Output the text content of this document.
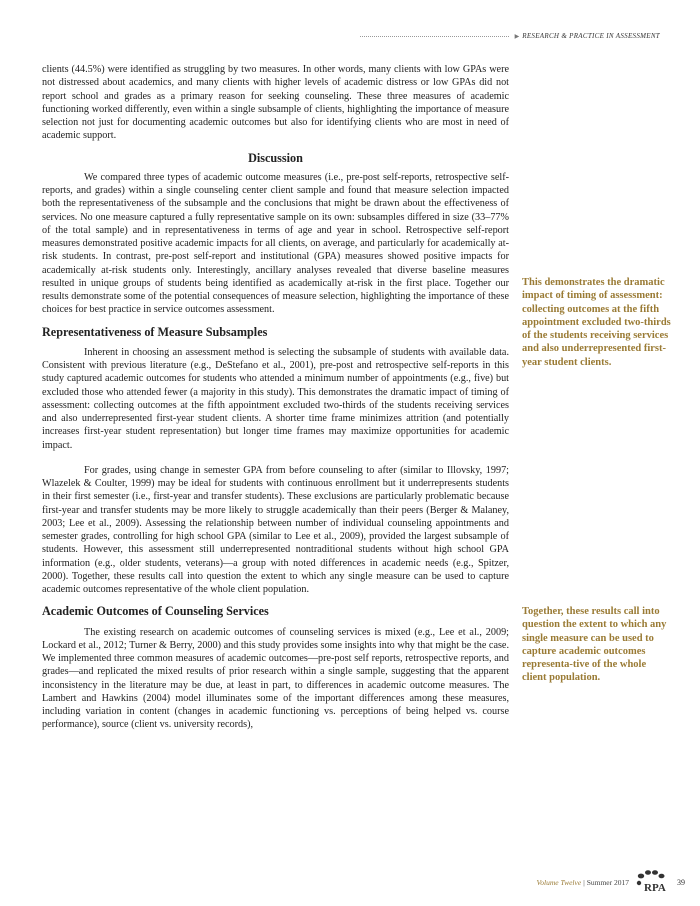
▶ RESEARCH & PRACTICE IN ASSESSMENT

clients (44.5%) were identified as struggling by two measures. In other words, many clients with low GPAs were not distressed about academics, and many clients with higher levels of academic distress or low GPAs did not report school and grades as a primary reason for seeking counseling. These three measures of academic functioning worked differently, even within a single subsample of clients, highlighting the importance of measure selection not just for documenting academic outcomes but also for identifying clients who are most in need of academic support.

Discussion

We compared three types of academic outcome measures (i.e., pre-post self-reports, retrospective self-reports, and grades) within a single counseling center client sample and found that measure selection impacted both the representativeness of the subsample and the conclusions that might be drawn about the effectiveness of services. No one measure captured a fully representative sample on its own: subsamples differed in size (33–77% of the total sample) and in representativeness in terms of age and year in school. Retrospective self-report measures demonstrated positive academic impacts for all clients, on average, and particularly for academically at-risk students. In contrast, pre-post self-report and institutional (GPA) measures showed positive impacts for academically at-risk students only. Interestingly, ancillary analyses revealed that diverse baseline measures resulted in unique groups of students being identified as academically at-risk in the first place. Together our results demonstrate some of the potential consequences of measure selection, highlighting the importance of these choices for best practice in service outcomes assessment.

Representativeness of Measure Subsamples

Inherent in choosing an assessment method is selecting the subsample of students with available data. Consistent with previous literature (e.g., DeStefano et al., 2001), pre-post and retrospective self-reports in this study captured academic outcomes for students who attended a minimum number of appointments (e.g., five) but excluded those who attended fewer (a majority in this study). This demonstrates the dramatic impact of timing of assessment: collecting outcomes at the fifth appointment excluded two-thirds of the students receiving services and also underrepresented first-year student clients. A shorter time frame minimizes attrition (and potentially increases first-year student representation) but longer time frames may maximize opportunities for academic impact.

For grades, using change in semester GPA from before counseling to after (similar to Illovsky, 1997; Wlazelek & Coulter, 1999) may be ideal for students with continuous enrollment but it underrepresents students in their first semester (i.e., first-year and transfer students). These exclusions are particularly problematic because first-year and transfer students may be more likely to struggle academically than their peers (Berger & Malaney, 2003; Lee et al., 2009). Assessing the relationship between number of individual counseling appointments and semester grades, controlling for high school GPA (similar to Lee et al., 2009), provided the largest subsample of students. However, this assessment still underrepresented nontraditional students without high school GPA information (e.g., older students, veterans)—a group with noted differences in academic needs (e.g., Spitzer, 2000). Together, these results call into question the extent to which any single measure can be used to capture academic outcomes representative of the whole client population.

Academic Outcomes of Counseling Services

The existing research on academic outcomes of counseling services is mixed (e.g., Lee et al., 2009; Lockard et al., 2012; Turner & Berry, 2000) and this study provides some insights into why that might be the case. We implemented three common measures of academic outcomes—pre-post self reports, retrospective reports, and grades—and replicated the mixed results of prior research within a single sample, suggesting that the apparent inconsistency in the literature may be due, at least in part, to differences in academic outcome measures. The Lambert and Hawkins (2004) model illuminates some of the important differences among these measures, including variation in content (changes in academic functioning vs. perceptions of being helped vs. course performance), source (client vs. university records),

This demonstrates the dramatic impact of timing of assessment: collecting outcomes at the fifth appointment excluded two-thirds of the students receiving services and also underrepresented first-year student clients.
Together, these results call into question the extent to which any single measure can be used to capture academic outcomes representa-tive of the whole client population.
Volume Twelve | Summer 2017 RPA 39
